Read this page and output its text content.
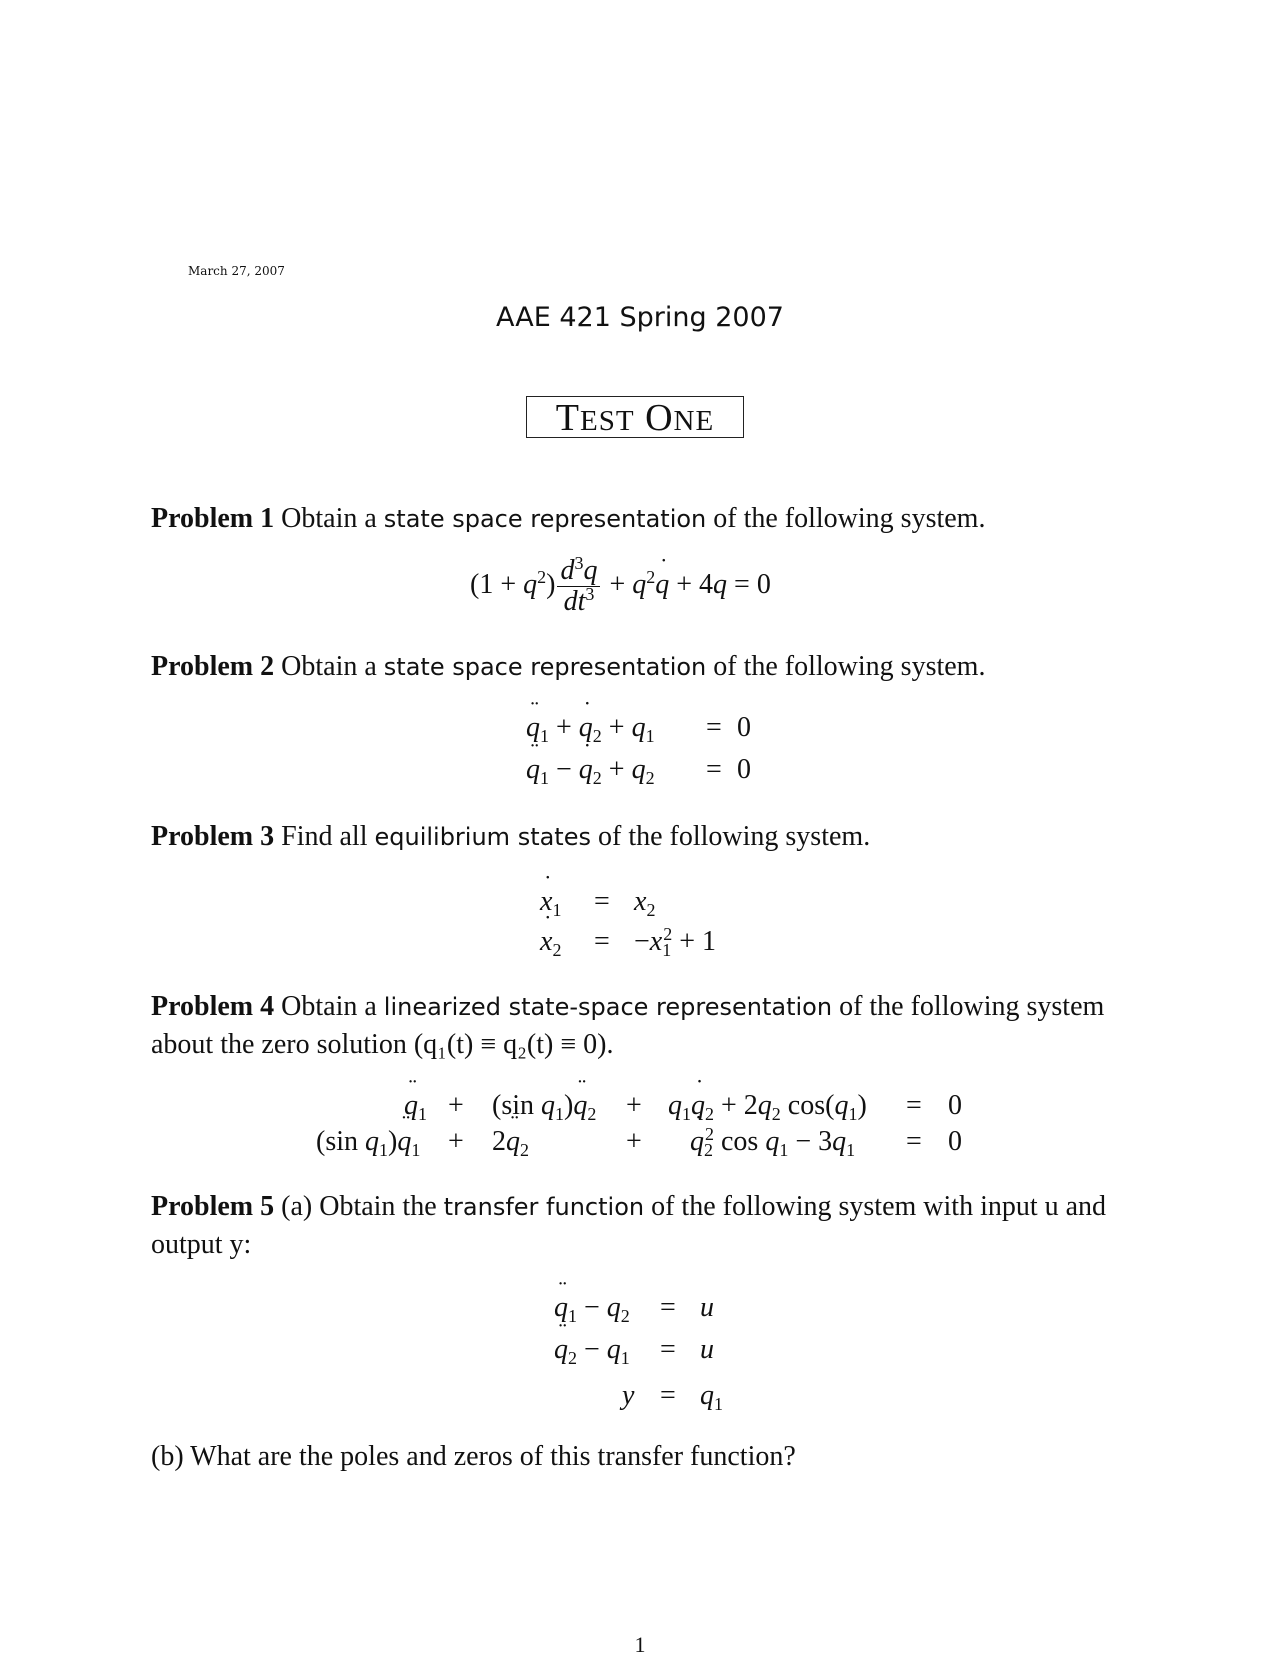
March 27, 2007
AAE 421 Spring 2007
TEST ONE
Problem 1 Obtain a state space representation of the following system.
$(1 + q^2) \frac{d^3q}{dt^3}$ + $q^2˙$ q + 4q = 0
Problem 2 Obtain a state space representation of the following system.
¨ $q_1$ + ˙ $q_2 + q_1 = 0$
¨ $q_1$ − ˙ $q_2 + q_2 = 0$
Problem 3 Find all equilibrium states of the following system.
˙ $x_1 = x_2$
˙ $x_2 = -x_1^2 + 1$
Problem 4 Obtain a linearized state-space representation of the following system about the zero solution (q₁(t) ≡ q₂(t) ≡ 0).
¨ $q_1 + (\sin$ $q_1)¨$ $q_2$ + $q_1˙$ $q_2 + 2q_2$ $\cos(q_1) = 0$
(sin $q_1)¨$ $q_1$ + 2¨ $q_2$	+
˙ $q_2^2$ $\cos q_1 - 3q_1 = 0$
Problem 5 (a) Obtain the transfer function of the following system with input u and output y:
¨ $q_1 - q_2 = u$
¨ $q_2 - q_1 = u$
$y = q_1$
(b) What are the poles and zeros of this transfer function?
1
